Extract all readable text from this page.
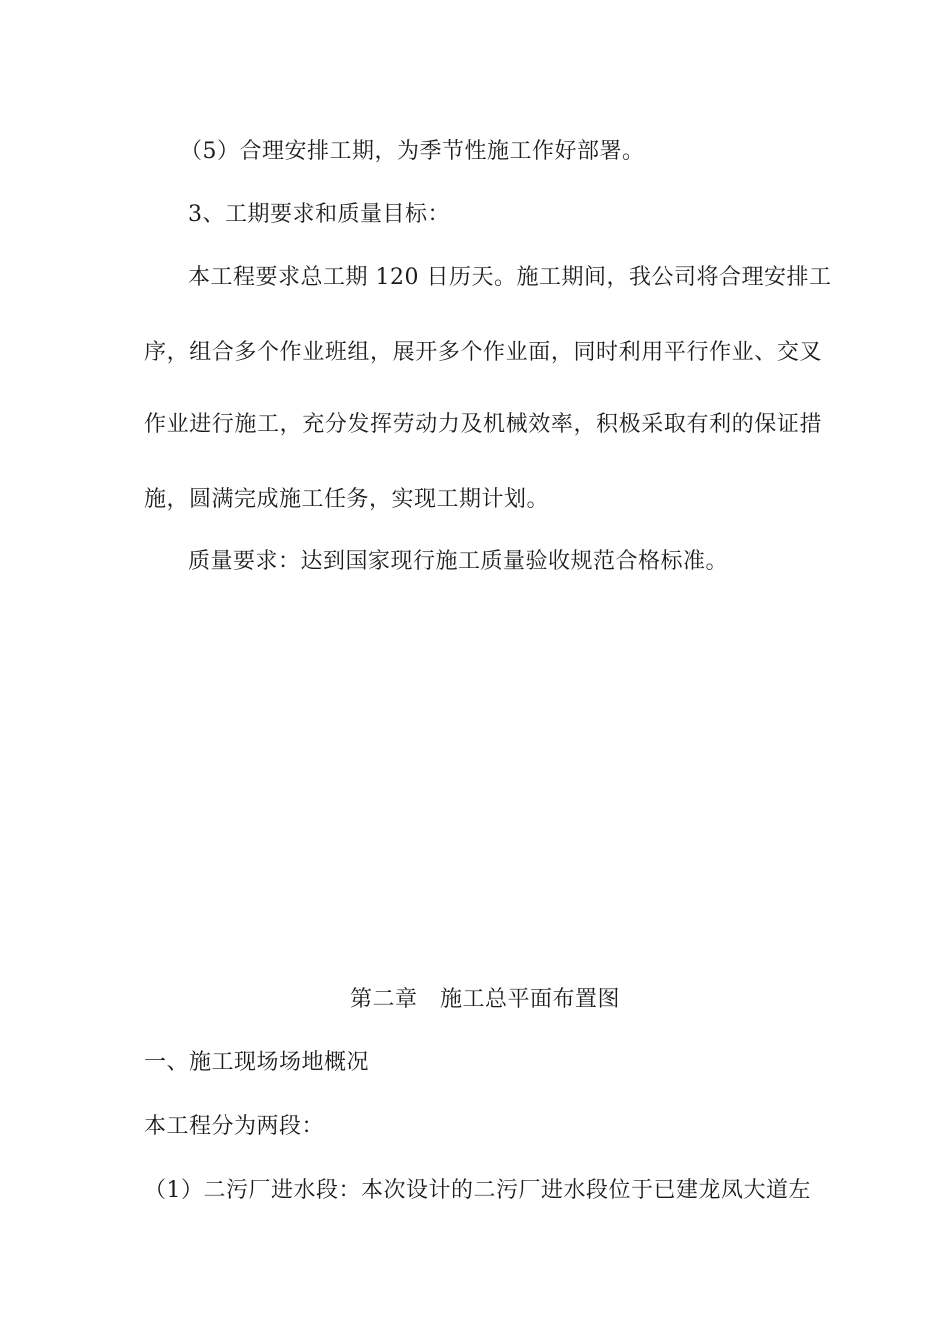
（5）合理安排工期，为季节性施工作好部署。
3、工期要求和质量目标：
本工程要求总工期 120 日历天。施工期间，我公司将合理安排工
序，组合多个作业班组，展开多个作业面，同时利用平行作业、交叉
作业进行施工，充分发挥劳动力及机械效率，积极采取有利的保证措
施，圆满完成施工任务，实现工期计划。
质量要求：达到国家现行施工质量验收规范合格标准。
第二章　施工总平面布置图
一、施工现场场地概况
本工程分为两段：
（1）二污厂进水段：本次设计的二污厂进水段位于已建龙凤大道左
